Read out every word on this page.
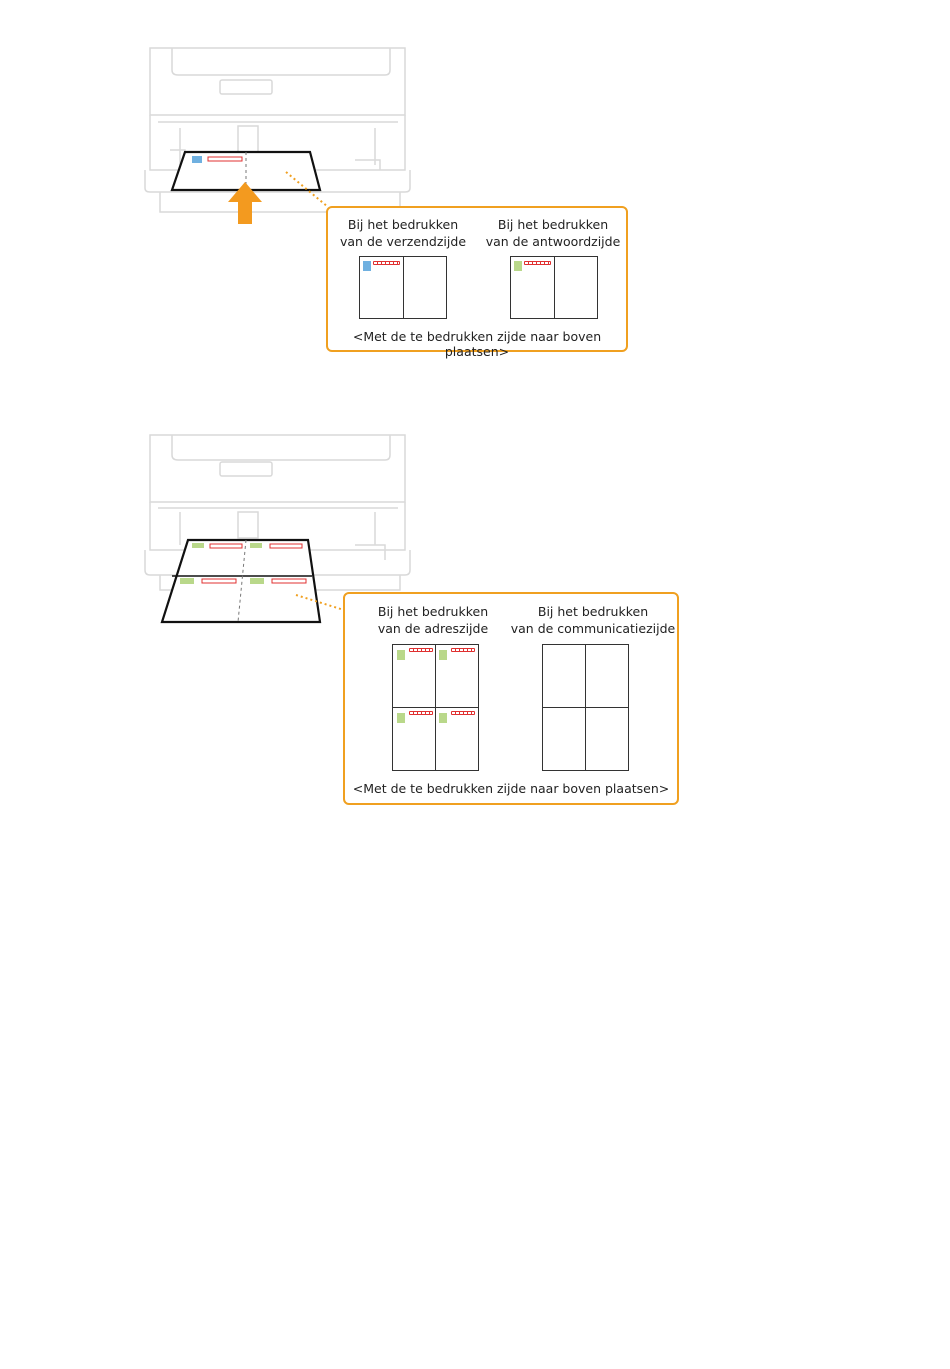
Bij het bedrukken
van de verzendzijde
Bij het bedrukken
van de antwoordzijde
<Met de te bedrukken zijde naar boven plaatsen>
Bij het bedrukken
van de adreszijde
Bij het bedrukken
van de communicatiezijde
<Met de te bedrukken zijde naar boven plaatsen>
